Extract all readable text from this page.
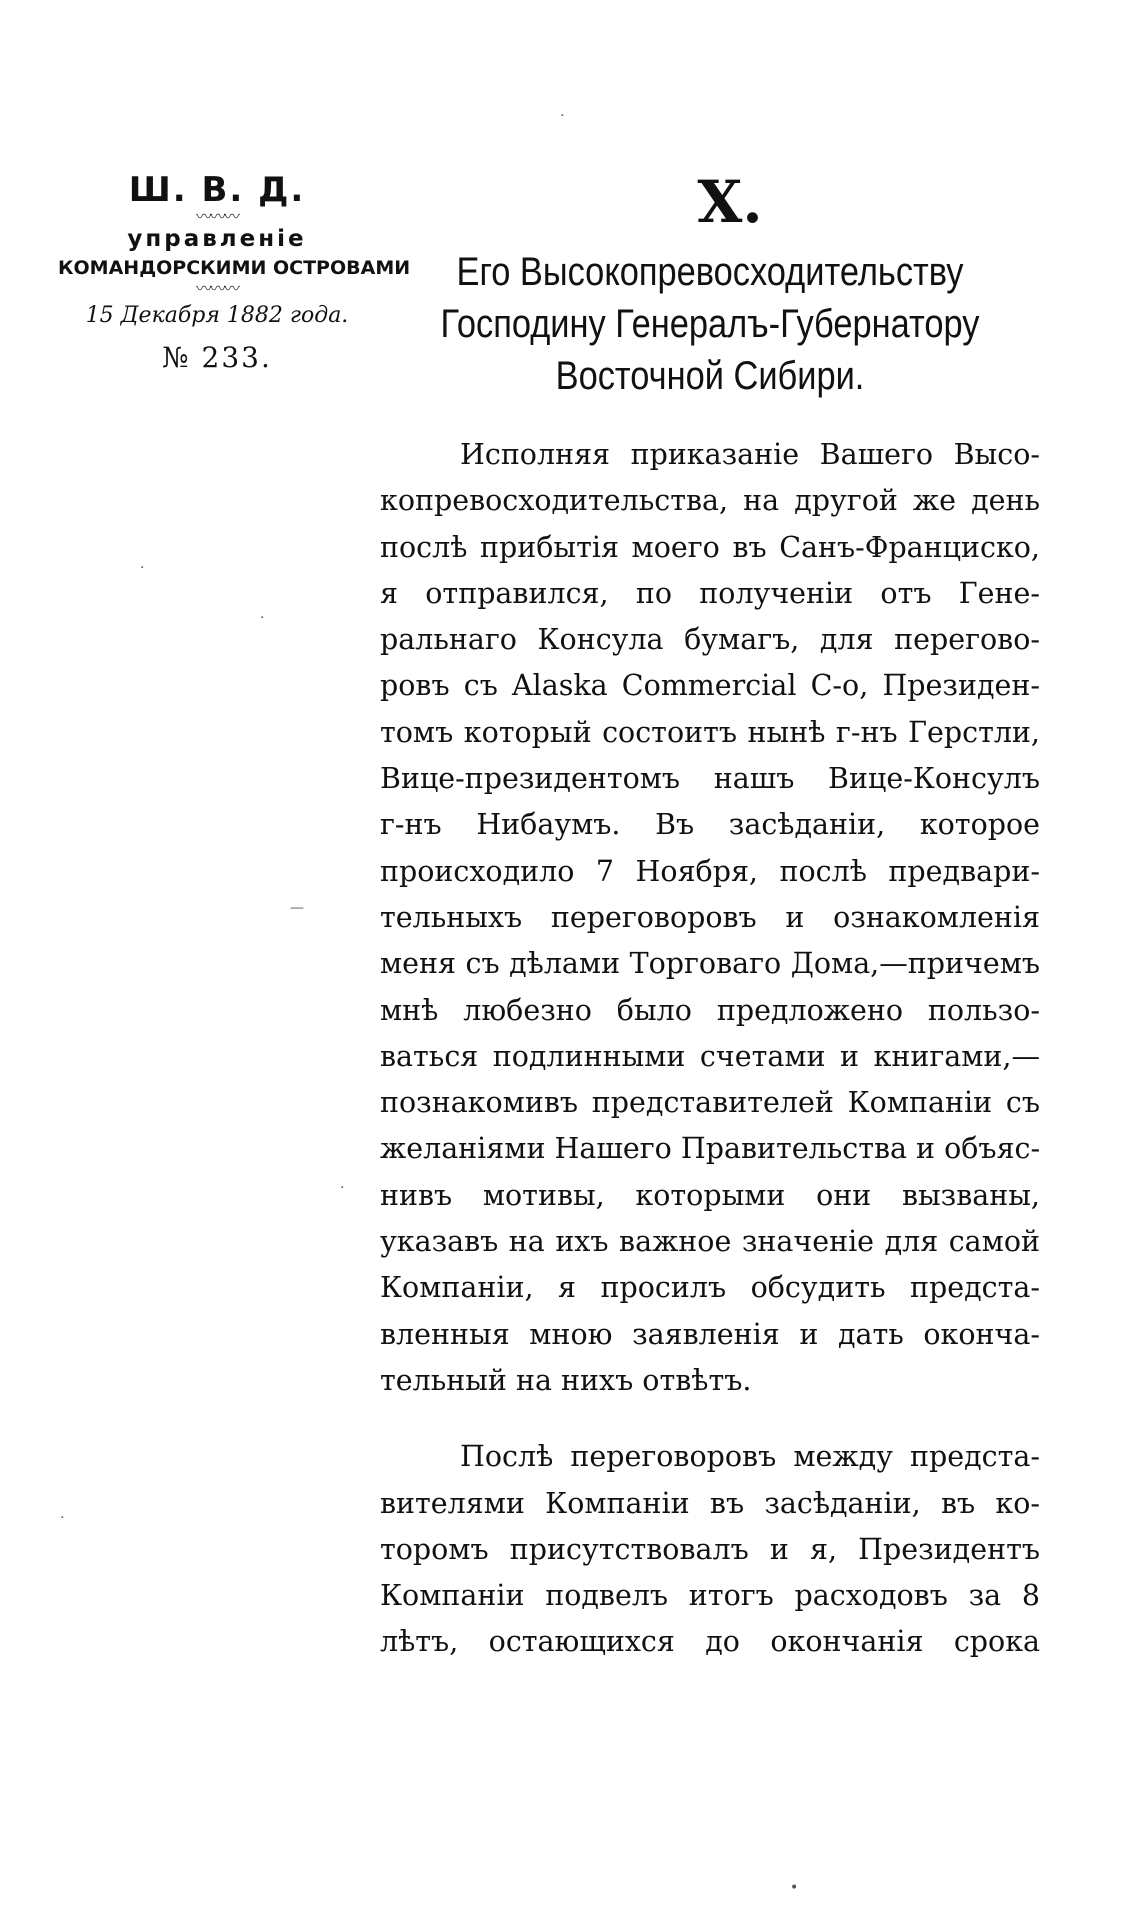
Ш. В. Д.
〰〰〰
управленіе
КОМАНДОРСКИМИ ОСТРОВАМИ
〰〰〰
15 Декабря 1882 года.
№ 233.
X.
Его Высокопревосходительству
Господину Генералъ-Губернатору
Восточной Сибири.
Исполняя приказаніе Вашего Высо-
копревосходительства, на другой же день
послѣ прибытія моего въ Санъ-Франциско,
я отправился, по полученіи отъ Гене-
ральнаго Консула бумагъ, для перегово-
ровъ съ Alaska Commercial C-o, Президен-
томъ который состоитъ нынѣ г-нъ Герстли,
Вице-президентомъ нашъ Вице-Консулъ
г-нъ Нибаумъ. Въ засѣданіи, которое
происходило 7 Ноября, послѣ предвари-
тельныхъ переговоровъ и ознакомленія
меня съ дѣлами Торговаго Дома,—причемъ
мнѣ любезно было предложено пользо-
ваться подлинными счетами и книгами,—
познакомивъ представителей Компаніи съ
желаніями Нашего Правительства и объяс-
нивъ мотивы, которыми они вызваны,
указавъ на ихъ важное значеніе для самой
Компаніи, я просилъ обсудить предста-
вленныя мною заявленія и дать оконча-
тельный на нихъ отвѣтъ.
Послѣ переговоровъ между предста-
вителями Компаніи въ засѣданіи, въ ко-
торомъ присутствовалъ и я, Президентъ
Компаніи подвелъ итогъ расходовъ за 8
лѣтъ, остающихся до окончанія срока
·
·
·
—
·
·
•
